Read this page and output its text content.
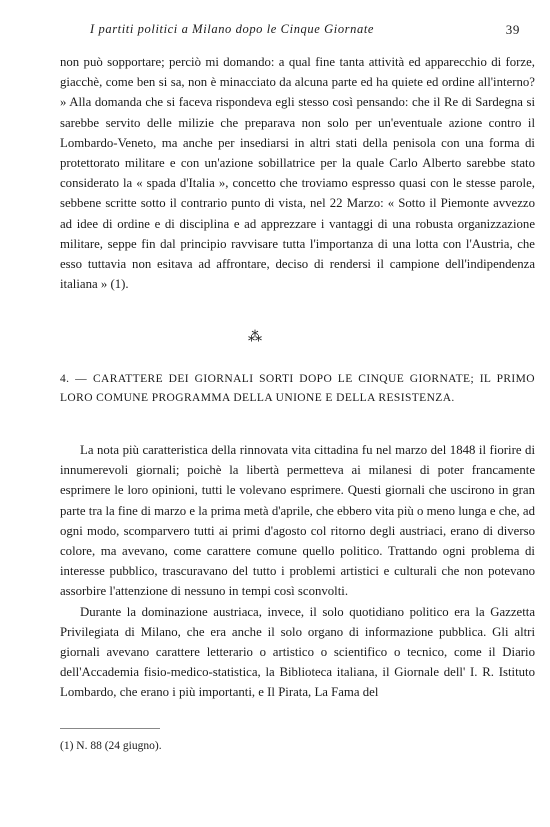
I partiti politici a Milano dopo le Cinque Giornate	39

non può sopportare; perciò mi domando: a qual fine tanta attività ed apparecchio di forze, giacchè, come ben si sa, non è minacciato da alcuna parte ed ha quiete ed ordine all'interno? » Alla domanda che si faceva rispondeva egli stesso così pensando: che il Re di Sardegna si sarebbe servito delle milizie che preparava non solo per un'eventuale azione contro il Lombardo-Veneto, ma anche per insediarsi in altri stati della penisola con una forma di protettorato militare e con un'azione sobillatrice per la quale Carlo Alberto sarebbe stato considerato la « spada d'Italia », concetto che troviamo espresso quasi con le stesse parole, sebbene scritte sotto il contrario punto di vista, nel 22 Marzo: « Sotto il Piemonte avvezzo ad idee di ordine e di disciplina e ad apprezzare i vantaggi di una robusta organizzazione militare, seppe fin dal principio ravvisare tutta l'importanza di una lotta con l'Austria, che esso tuttavia non esitava ad affrontare, deciso di rendersi il campione dell'indipendenza italiana » (1).

⁂
4. — CARATTERE DEI GIORNALI SORTI DOPO LE CINQUE GIORNATE; IL PRIMO LORO COMUNE PROGRAMMA DELLA UNIONE E DELLA RESISTENZA.

La nota più caratteristica della rinnovata vita cittadina fu nel marzo del 1848 il fiorire di innumerevoli giornali; poichè la libertà permetteva ai milanesi di poter francamente esprimere le loro opinioni, tutti le volevano esprimere. Questi giornali che uscirono in gran parte tra la fine di marzo e la prima metà d'aprile, che ebbero vita più o meno lunga e che, ad ogni modo, scomparvero tutti ai primi d'agosto col ritorno degli austriaci, erano di diverso colore, ma avevano, come carattere comune quello politico. Trattando ogni problema di interesse pubblico, trascuravano del tutto i problemi artistici e culturali che non potevano assorbire l'attenzione di nessuno in tempi così sconvolti.

Durante la dominazione austriaca, invece, il solo quotidiano politico era la Gazzetta Privilegiata di Milano, che era anche il solo organo di informazione pubblica. Gli altri giornali avevano carattere letterario o artistico o scientifico o tecnico, come il Diario dell'Accademia fisio-medico-statistica, la Biblioteca italiana, il Giornale dell' I. R. Istituto Lombardo, che erano i più importanti, e Il Pirata, La Fama del

(1) N. 88 (24 giugno).
